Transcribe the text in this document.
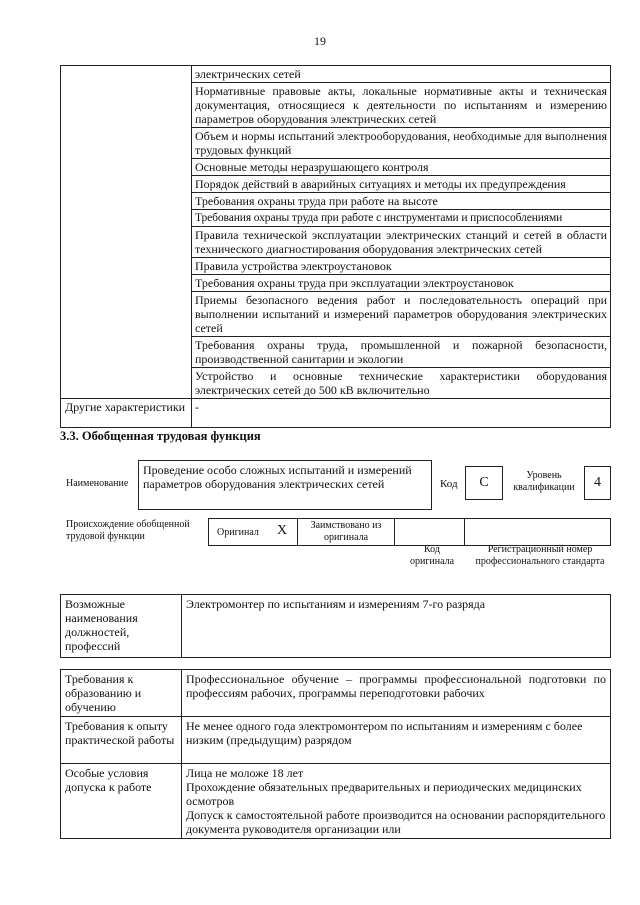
19
	электрических сетей
	Нормативные правовые акты, локальные нормативные акты и техническая документация, относящиеся к деятельности по испытаниям и измерению параметров оборудования электрических сетей
	Объем и нормы испытаний электрооборудования, необходимые для выполнения трудовых функций
	Основные методы неразрушающего контроля
	Порядок действий в аварийных ситуациях и методы их предупреждения
	Требования охраны труда при работе на высоте
	Требования охраны труда при работе с инструментами и приспособлениями
	Правила технической эксплуатации электрических станций и сетей в области технического диагностирования оборудования электрических сетей
	Правила устройства электроустановок
	Требования охраны труда при эксплуатации электроустановок
	Приемы безопасного ведения работ и последовательность операций при выполнении испытаний и измерений параметров оборудования электрических сетей
	Требования охраны труда, промышленной и пожарной безопасности, производственной санитарии и экологии
	Устройство и основные технические характеристики оборудования электрических сетей до 500 кВ включительно
Другие характеристики	-
3.3. Обобщенная трудовая функция
Наименование
Проведение особо сложных испытаний и измерений параметров оборудования электрических сетей	Код	С	Уровень квалификации	4
Происхождение обобщенной трудовой функции	Оригинал X	Заимствовано из оригинала
Код оригинала
Регистрационный номер профессионального стандарта
Возможные наименования должностей, профессий	Электромонтер по испытаниям и измерениям 7-го разряда
Требования к образованию и обучению	Профессиональное обучение – программы профессиональной подготовки по профессиям рабочих, программы переподготовки рабочих
Требования к опыту практической работы	Не менее одного года электромонтером по испытаниям и измерениям с более низким (предыдущим) разрядом
Особые условия допуска к работе	Лица не моложе 18 лет
Прохождение обязательных предварительных и периодических медицинских осмотров
Допуск к самостоятельной работе производится на основании распорядительного документа руководителя организации или
